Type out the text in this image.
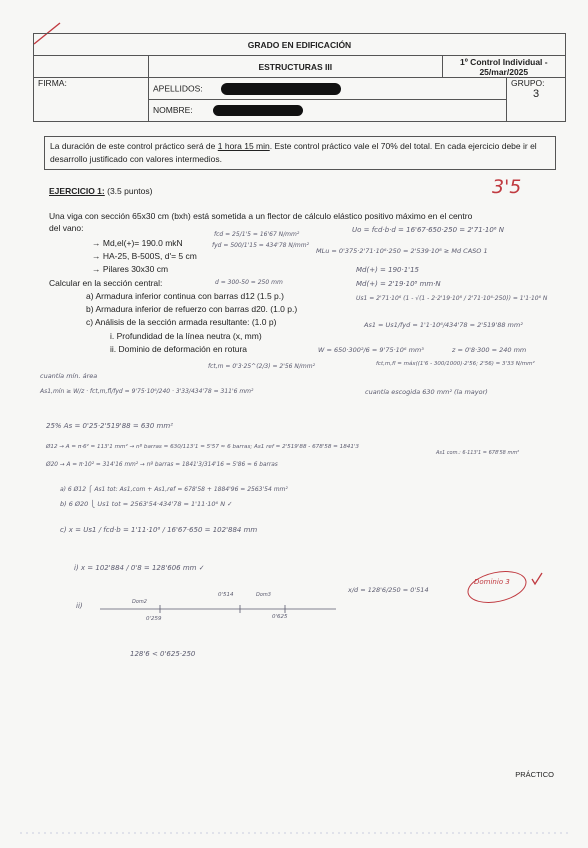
GRADO EN EDIFICACIÓN			
	ESTRUCTURAS III	1º Control Individual - 25/mar/2025	
FIRMA:	APELLIDOS:		GRUPO:
3

	NOMBRE:		
La duración de este control práctico será de 1 hora 15 min. Este control práctico vale el 70% del total. En cada ejercicio debe ir el desarrollo justificado con valores intermedios.
EJERCICIO 1: (3.5 puntos)
Una viga con sección 65x30 cm (bxh) está sometida a un flector de cálculo elástico positivo máximo en el centro
del vano:
→ Md,el(+)= 190.0 mkN
→ HA-25, B-500S, d'= 5 cm
→ Pilares 30x30 cm
Calcular en la sección central:
a) Armadura inferior continua con barras d12 (1.5 p.)
b) Armadura inferior de refuerzo con barras d20. (1.0 p.)
c) Análisis de la sección armada resultante: (1.0 p)
i. Profundidad de la línea neutra (x, mm)
ii. Dominio de deformación en rotura
3'5
fcd = 25/1'5 = 16'67 N/mm²
fyd = 500/1'15 = 434'78 N/mm²
Uo = fcd·b·d = 16'67·650·250 = 2'71·10⁶ N
MLu = 0'375·2'71·10⁶·250 = 2'539·10⁸ ≥ Md CASO 1
Md(+) = 190·1'15
Md(+) = 2'19·10⁸ mm·N
Us1 = 2'71·10⁶ (1 - √(1 - 2·2'19·10⁸ / 2'71·10⁶·250)) = 1'1·10⁶ N
As1 = Us1/fyd = 1'1·10⁶/434'78 = 2'519'88 mm²
d = 300-50 = 250 mm
fct,m = 0'3·25^(2/3) = 2'56 N/mm²
W = 650·300²/6 = 9'75·10⁶ mm³	z = 0'8·300 = 240 mm
fct,m,fl = máx((1'6 - 300/1000)·2'56; 2'56) = 3'33 N/mm²
cuantía mín. área
As1,mín ≥ W/z · fct,m,fl/fyd = 9'75·10⁶/240 · 3'33/434'78 = 311'6 mm²	cuantía escogida 630 mm² (la mayor)
25% As = 0'25·2'519'88 = 630 mm²
Ø12 → A = π·6² = 113'1 mm² → nº barras = 630/113'1 = 5'57 ≈ 6 barras; As1 ref = 2'519'88 - 678'58 = 1841'3
Ø20 → A = π·10² = 314'16 mm² → nº barras = 1841'3/314'16 = 5'86 ≈ 6 barras
As1 com.: 6·113'1 = 678'58 mm²
a) 6 Ø12 ⎧ As1 tot: As1,com + As1,ref = 678'58 + 1884'96 = 2563'54 mm²
b) 6 Ø20 ⎩ Us1 tot = 2563'54·434'78 = 1'11·10⁶ N ✓
c) x = Us1 / fcd·b = 1'11·10⁶ / 16'67·650 = 102'884 mm
i) x = 102'884 / 0'8 = 128'606 mm ✓
ii)	Dom2
0'514	Dom3
0'259	0'625
x/d = 128'6/250 = 0'514
Dominio 3
128'6 < 0'625·250
PRÁCTICO
